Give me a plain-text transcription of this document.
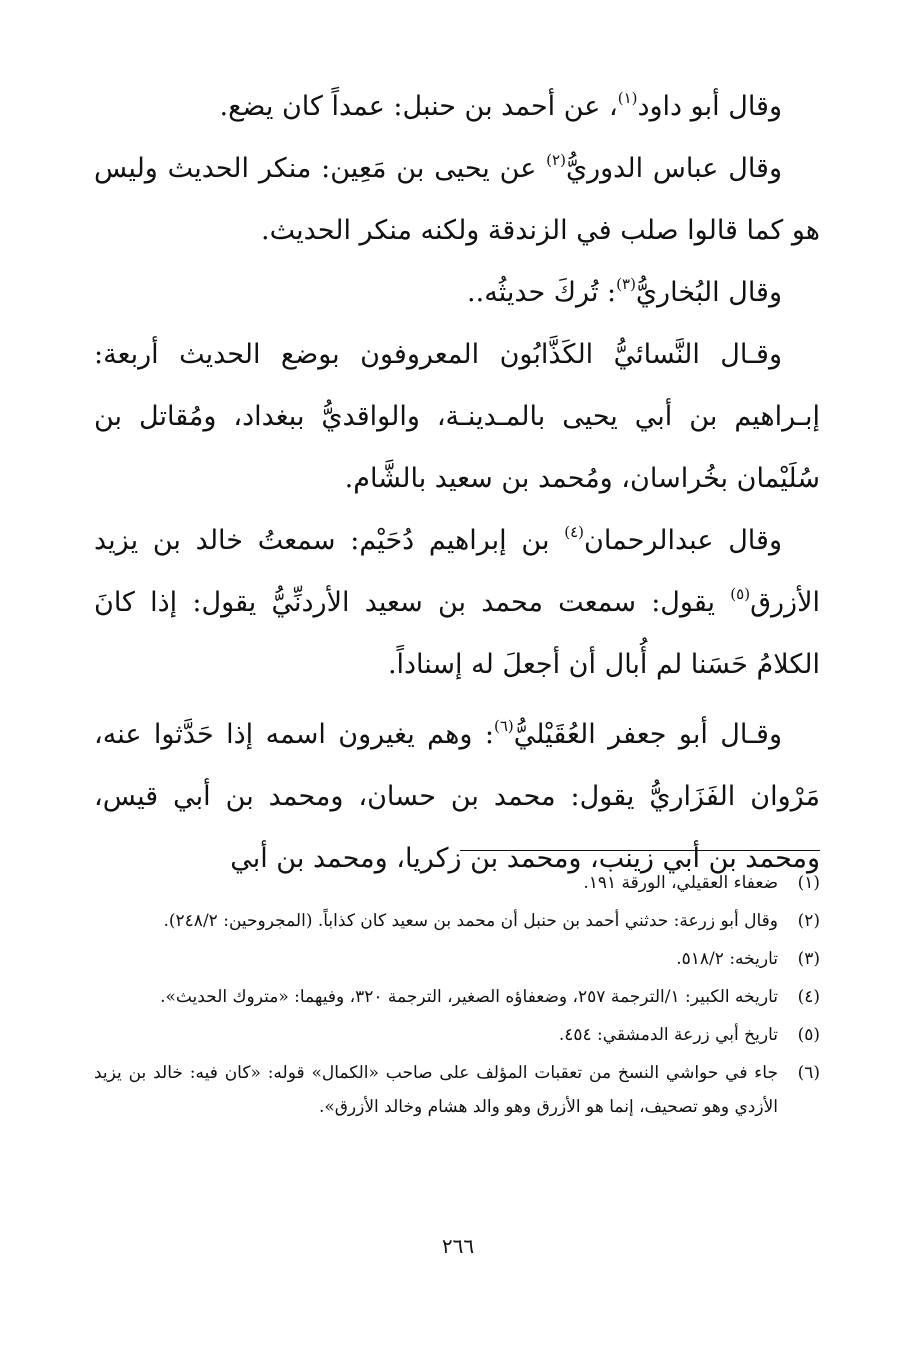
وقال أبو داود$^{(١)}$، عن أحمد بن حنبل: عمداً كان يضع.

وقال عباس الدوريُّ$^{(٢)}$ عن يحيى بن مَعِين: منكر الحديث وليس هو كما قالوا صلب في الزندقة ولكنه منكر الحديث.

وقال البُخاريُّ$^{(٣)}$: تُركَ حديثُه..

وقـال النَّسائيُّ الكَذَّابُون المعروفون بوضع الحديث أربعة: إبـراهيم بن أبي يحيى بالمـدينـة، والواقديُّ ببغداد، ومُقاتل بن سُلَيْمان بخُراسان، ومُحمد بن سعيد بالشَّام.

وقال عبدالرحمان$^{(٤)}$ بن إبراهيم دُحَيْم: سمعتُ خالد بن يزيد الأزرق$^{(٥)}$ يقول: سمعت محمد بن سعيد الأردنِّيُّ يقول: إذا كانَ الكلامُ حَسَنا لم أُبال أن أجعلَ له إسناداً.

وقـال أبو جعفر العُقَيْليُّ$^{(٦)}$: وهم يغيرون اسمه إذا حَدَّثوا عنه، مَرْوان الفَزَاريُّ يقول: محمد بن حسان، ومحمد بن أبي قيس، ومحمد بن أبي زينب، ومحمد بن زكريا، ومحمد بن أبي

(١)
ضعفاء العقيلي، الورقة ١٩١.
(٢)
وقال أبو زرعة: حدثني أحمد بن حنبل أن محمد بن سعيد كان كذاباً. (المجروحين: ٢٤٨/٢).
(٣)
تاريخه: ٥١٨/٢.
(٤)
تاريخه الكبير: ١/الترجمة ٢٥٧، وضعفاؤه الصغير، الترجمة ٣٢٠، وفيهما: «متروك الحديث».
(٥)
تاريخ أبي زرعة الدمشقي: ٤٥٤.
(٦)
جاء في حواشي النسخ من تعقبات المؤلف على صاحب «الكمال» قوله: «كان فيه: خالد بن يزيد الأزدي وهو تصحيف، إنما هو الأزرق وهو والد هشام وخالد الأزرق».
٢٦٦
